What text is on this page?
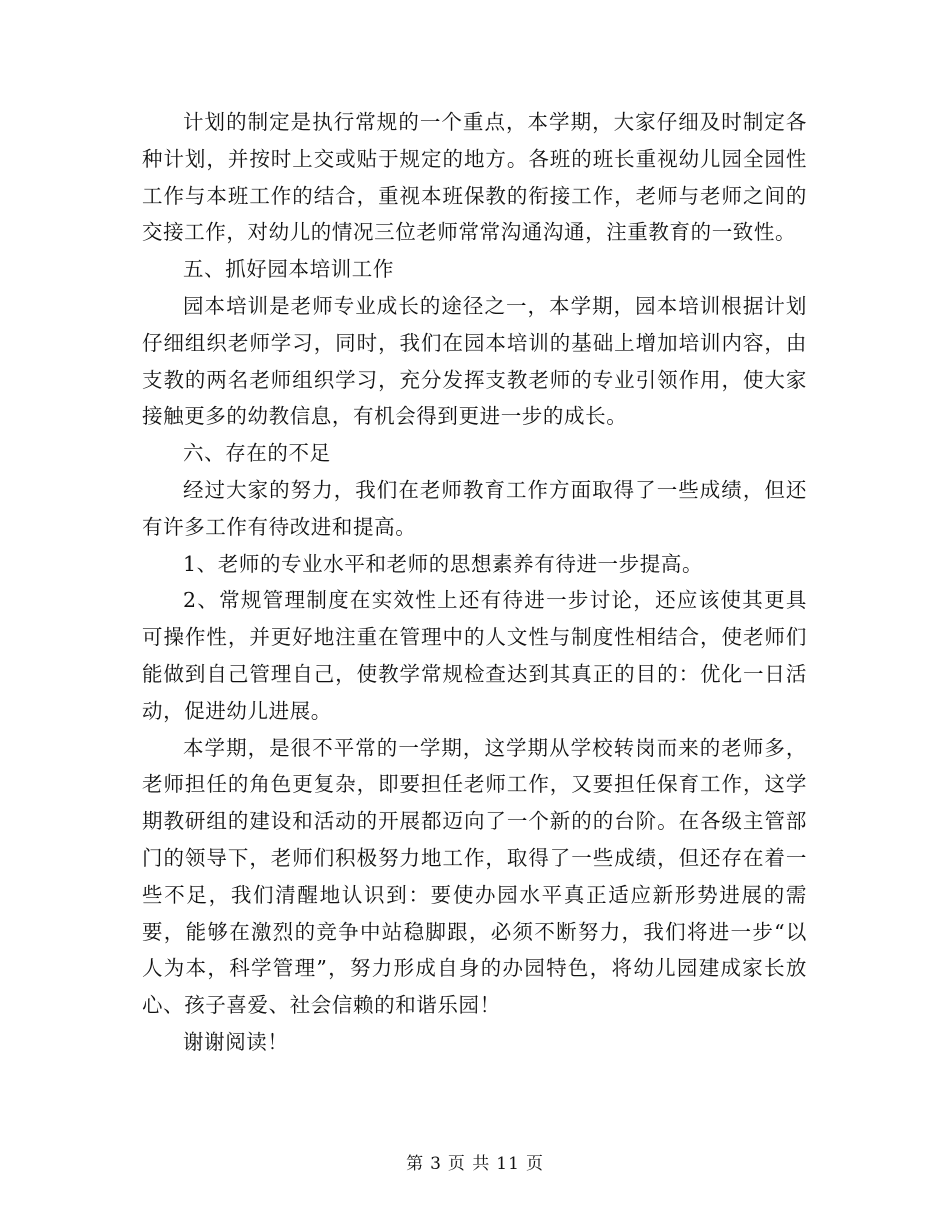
计划的制定是执行常规的一个重点，本学期，大家仔细及时制定各种计划，并按时上交或贴于规定的地方。各班的班长重视幼儿园全园性工作与本班工作的结合，重视本班保教的衔接工作，老师与老师之间的交接工作，对幼儿的情况三位老师常常沟通沟通，注重教育的一致性。

五、抓好园本培训工作

园本培训是老师专业成长的途径之一，本学期，园本培训根据计划仔细组织老师学习，同时，我们在园本培训的基础上增加培训内容，由支教的两名老师组织学习，充分发挥支教老师的专业引领作用，使大家接触更多的幼教信息，有机会得到更进一步的成长。

六、存在的不足

经过大家的努力，我们在老师教育工作方面取得了一些成绩，但还有许多工作有待改进和提高。

1、老师的专业水平和老师的思想素养有待进一步提高。

2、常规管理制度在实效性上还有待进一步讨论，还应该使其更具可操作性，并更好地注重在管理中的人文性与制度性相结合，使老师们能做到自己管理自己，使教学常规检查达到其真正的目的：优化一日活动，促进幼儿进展。

本学期，是很不平常的一学期，这学期从学校转岗而来的老师多，老师担任的角色更复杂，即要担任老师工作，又要担任保育工作，这学期教研组的建设和活动的开展都迈向了一个新的的台阶。在各级主管部门的领导下，老师们积极努力地工作，取得了一些成绩，但还存在着一些不足，我们清醒地认识到：要使办园水平真正适应新形势进展的需要，能够在激烈的竞争中站稳脚跟，必须不断努力，我们将进一步“以人为本，科学管理”，努力形成自身的办园特色，将幼儿园建成家长放心、孩子喜爱、社会信赖的和谐乐园！

谢谢阅读！

第 3 页 共 11 页
